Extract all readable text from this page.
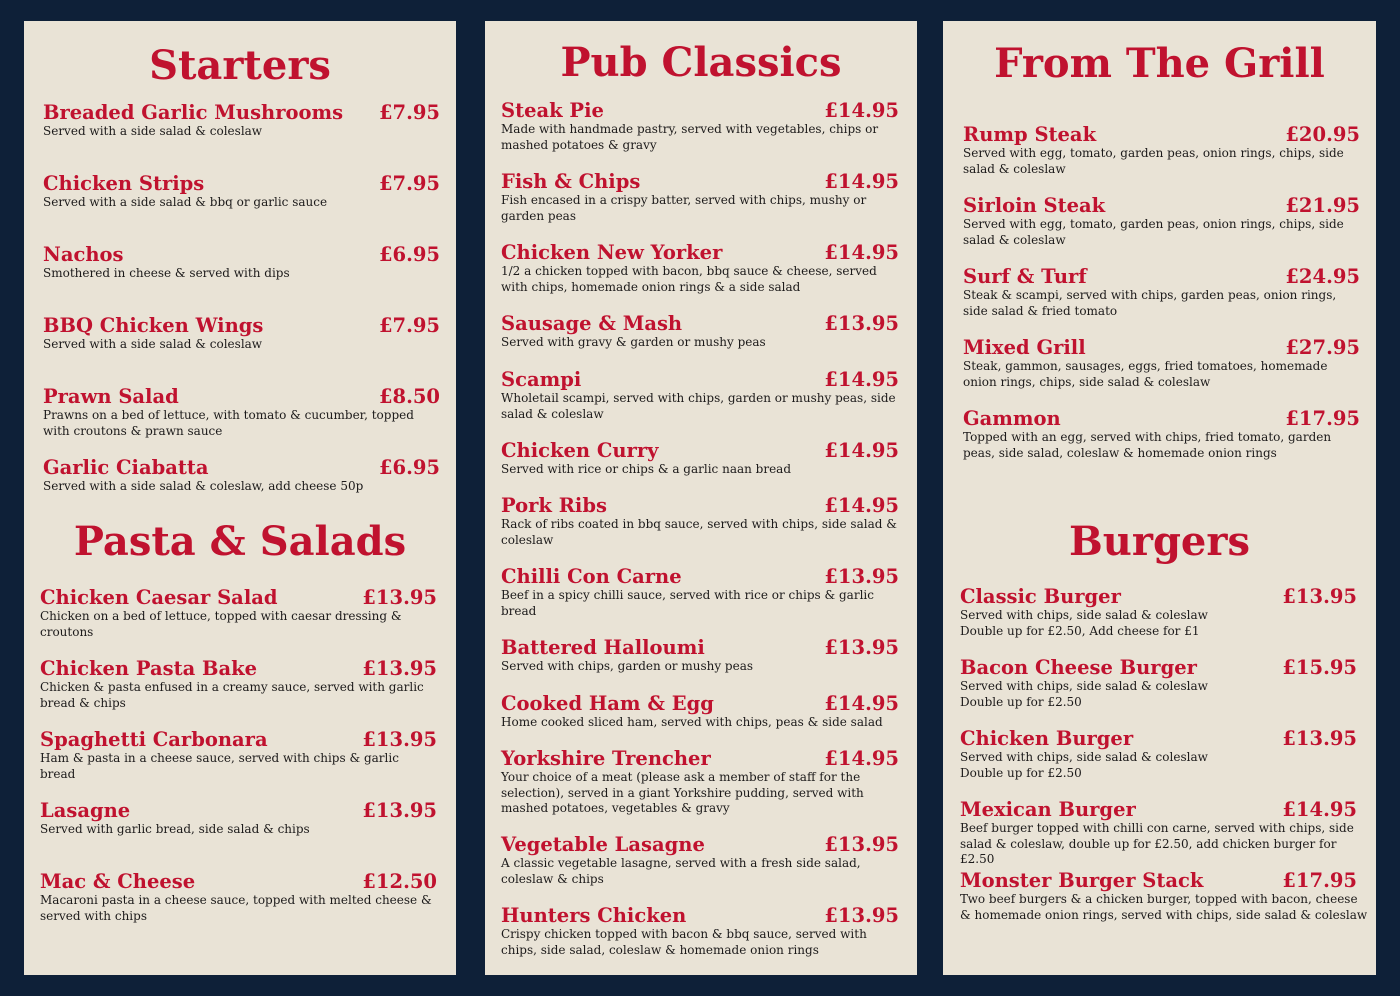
Starters
Breaded Garlic Mushrooms £7.95
Served with a side salad & coleslaw
Chicken Strips	£7.95
Served with a side salad & bbq or garlic sauce
Nachos	£6.95
Smothered in cheese & served with dips
BBQ Chicken Wings	£7.95
Served with a side salad & coleslaw
Prawn Salad	£8.50
Prawns on a bed of lettuce, with tomato & cucumber, topped with croutons & prawn sauce
Garlic Ciabatta	£6.95
Served with a side salad & coleslaw, add cheese 50p
Pasta & Salads
Chicken Caesar Salad	£13.95
Chicken on a bed of lettuce, topped with caesar dressing & croutons
Chicken Pasta Bake	£13.95
Chicken & pasta enfused in a creamy sauce, served with garlic bread & chips
Spaghetti Carbonara	£13.95
Ham & pasta in a cheese sauce, served with chips & garlic bread
Lasagne	£13.95
Served with garlic bread, side salad & chips
Mac & Cheese	£12.50
Macaroni pasta in a cheese sauce, topped with melted cheese & served with chips
Pub Classics
Steak Pie	£14.95
Made with handmade pastry, served with vegetables, chips or mashed potatoes & gravy
Fish & Chips	£14.95
Fish encased in a crispy batter, served with chips, mushy or garden peas
Chicken New Yorker	£14.95
1/2 a chicken topped with bacon, bbq sauce & cheese, served with chips, homemade onion rings & a side salad
Sausage & Mash	£13.95
Served with gravy & garden or mushy peas
Scampi	£14.95
Wholetail scampi, served with chips, garden or mushy peas, side salad & coleslaw
Chicken Curry	£14.95
Served with rice or chips & a garlic naan bread
Pork Ribs	£14.95
Rack of ribs coated in bbq sauce, served with chips, side salad & coleslaw
Chilli Con Carne	£13.95
Beef in a spicy chilli sauce, served with rice or chips & garlic bread
Battered Halloumi	£13.95
Served with chips, garden or mushy peas
Cooked Ham & Egg	£14.95
Home cooked sliced ham, served with chips, peas & side salad
Yorkshire Trencher	£14.95
Your choice of a meat (please ask a member of staff for the selection), served in a giant Yorkshire pudding, served with mashed potatoes, vegetables & gravy
Vegetable Lasagne	£13.95
A classic vegetable lasagne, served with a fresh side salad, coleslaw & chips
Hunters Chicken	£13.95
Crispy chicken topped with bacon & bbq sauce, served with chips, side salad, coleslaw & homemade onion rings
From The Grill
Rump Steak	£20.95
Served with egg, tomato, garden peas, onion rings, chips, side salad & coleslaw
Sirloin Steak	£21.95
Served with egg, tomato, garden peas, onion rings, chips, side salad & coleslaw
Surf & Turf	£24.95
Steak & scampi, served with chips, garden peas, onion rings, side salad & fried tomato
Mixed Grill	£27.95
Steak, gammon, sausages, eggs, fried tomatoes, homemade onion rings, chips, side salad & coleslaw
Gammon	£17.95
Topped with an egg, served with chips, fried tomato, garden peas, side salad, coleslaw & homemade onion rings
Burgers
Classic Burger	£13.95
Served with chips, side salad & coleslaw
Double up for £2.50, Add cheese for £1
Bacon Cheese Burger	£15.95
Served with chips, side salad & coleslaw
Double up for £2.50
Chicken Burger	£13.95
Served with chips, side salad & coleslaw
Double up for £2.50
Mexican Burger	£14.95
Beef burger topped with chilli con carne, served with chips, side salad & coleslaw, double up for £2.50, add chicken burger for £2.50
Monster Burger Stack	£17.95
Two beef burgers & a chicken burger, topped with bacon, cheese & homemade onion rings, served with chips, side salad & coleslaw
